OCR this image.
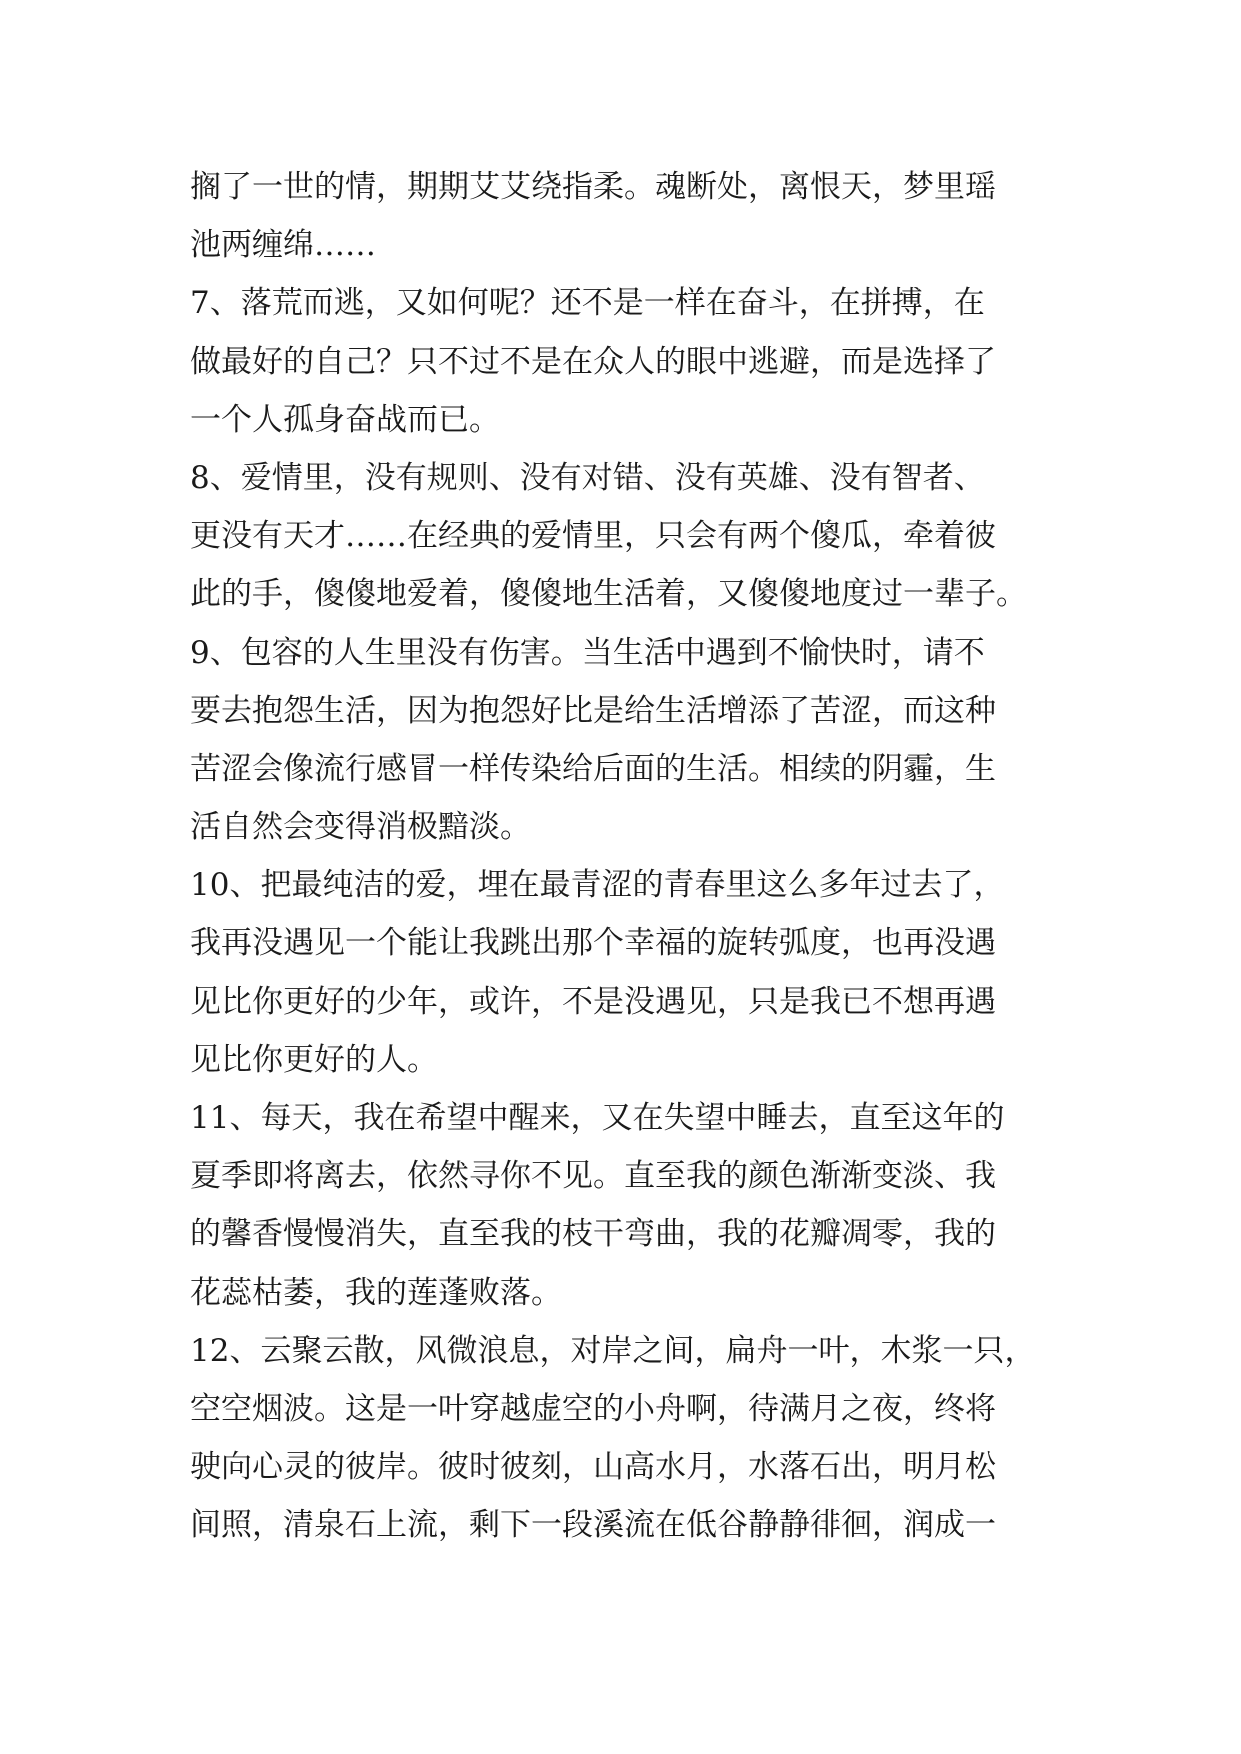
搁了一世的情，期期艾艾绕指柔。魂断处，离恨天，梦里瑶
池两缠绵……
7、落荒而逃，又如何呢？还不是一样在奋斗，在拼搏，在
做最好的自己？只不过不是在众人的眼中逃避，而是选择了
一个人孤身奋战而已。
8、爱情里，没有规则、没有对错、没有英雄、没有智者、
更没有天才……在经典的爱情里，只会有两个傻瓜，牵着彼
此的手，傻傻地爱着，傻傻地生活着，又傻傻地度过一辈子。
9、包容的人生里没有伤害。当生活中遇到不愉快时，请不
要去抱怨生活，因为抱怨好比是给生活增添了苦涩，而这种
苦涩会像流行感冒一样传染给后面的生活。相续的阴霾，生
活自然会变得消极黯淡。
10、把最纯洁的爱，埋在最青涩的青春里这么多年过去了，
我再没遇见一个能让我跳出那个幸福的旋转弧度，也再没遇
见比你更好的少年，或许，不是没遇见，只是我已不想再遇
见比你更好的人。
11、每天，我在希望中醒来，又在失望中睡去，直至这年的
夏季即将离去，依然寻你不见。直至我的颜色渐渐变淡、我
的馨香慢慢消失，直至我的枝干弯曲，我的花瓣凋零，我的
花蕊枯萎，我的莲蓬败落。
12、云聚云散，风微浪息，对岸之间，扁舟一叶，木浆一只，
空空烟波。这是一叶穿越虚空的小舟啊，待满月之夜，终将
驶向心灵的彼岸。彼时彼刻，山高水月，水落石出，明月松
间照，清泉石上流，剩下一段溪流在低谷静静徘徊，润成一
